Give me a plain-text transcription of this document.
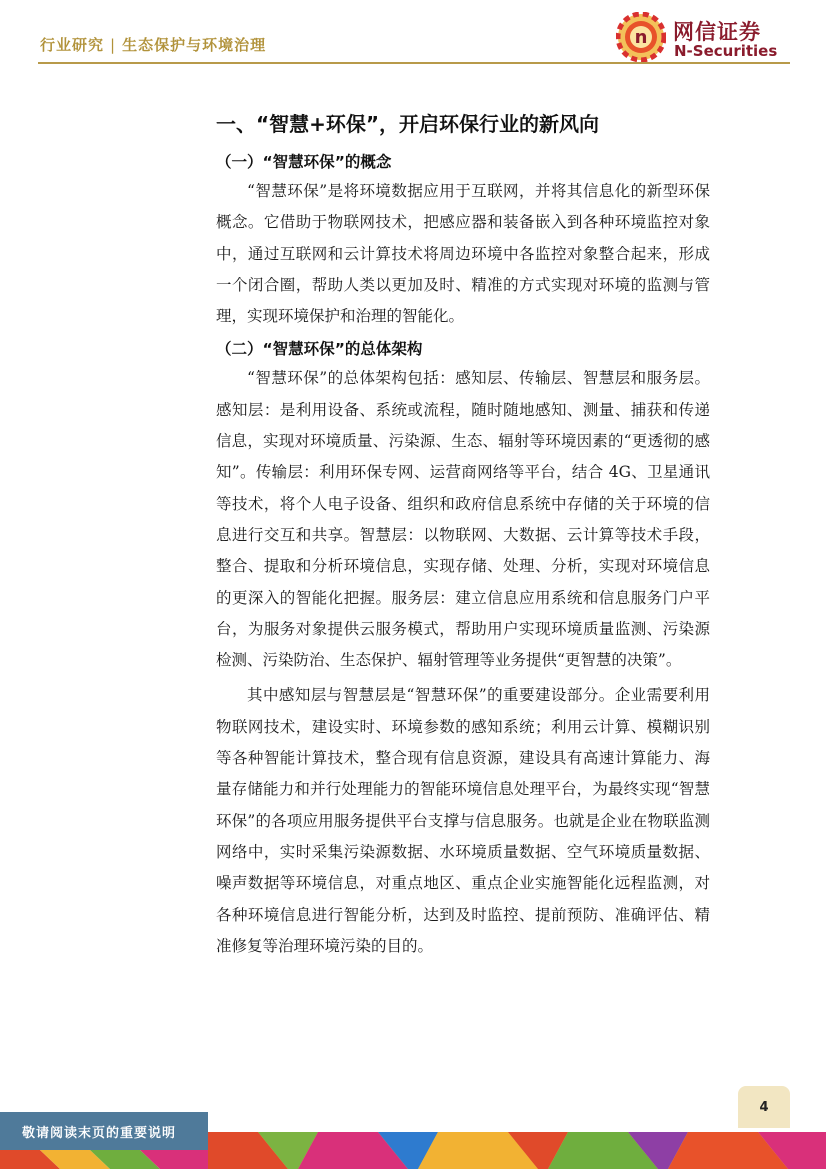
行业研究 | 生态保护与环境治理	n 网信证券
N-Securities
一、“智慧+环保”，开启环保行业的新风向
（一）“智慧环保”的概念

“智慧环保”是将环境数据应用于互联网，并将其信息化的新型环保概念。它借助于物联网技术，把感应器和装备嵌入到各种环境监控对象中，通过互联网和云计算技术将周边环境中各监控对象整合起来，形成一个闭合圈，帮助人类以更加及时、精准的方式实现对环境的监测与管理，实现环境保护和治理的智能化。

（二）“智慧环保”的总体架构

“智慧环保”的总体架构包括：感知层、传输层、智慧层和服务层。感知层：是利用设备、系统或流程，随时随地感知、测量、捕获和传递信息，实现对环境质量、污染源、生态、辐射等环境因素的“更透彻的感知”。传输层：利用环保专网、运营商网络等平台，结合 4G、卫星通讯等技术，将个人电子设备、组织和政府信息系统中存储的关于环境的信息进行交互和共享。智慧层：以物联网、大数据、云计算等技术手段，整合、提取和分析环境信息，实现存储、处理、分析，实现对环境信息的更深入的智能化把握。服务层：建立信息应用系统和信息服务门户平台，为服务对象提供云服务模式，帮助用户实现环境质量监测、污染源检测、污染防治、生态保护、辐射管理等业务提供“更智慧的决策”。

其中感知层与智慧层是“智慧环保”的重要建设部分。企业需要利用物联网技术，建设实时、环境参数的感知系统；利用云计算、模糊识别等各种智能计算技术，整合现有信息资源，建设具有高速计算能力、海量存储能力和并行处理能力的智能环境信息处理平台，为最终实现“智慧环保”的各项应用服务提供平台支撑与信息服务。也就是企业在物联监测网络中，实时采集污染源数据、水环境质量数据、空气环境质量数据、噪声数据等环境信息，对重点地区、重点企业实施智能化远程监测，对各种环境信息进行智能分析，达到及时监控、提前预防、准确评估、精准修复等治理环境污染的目的。

4
敬请阅读末页的重要说明
